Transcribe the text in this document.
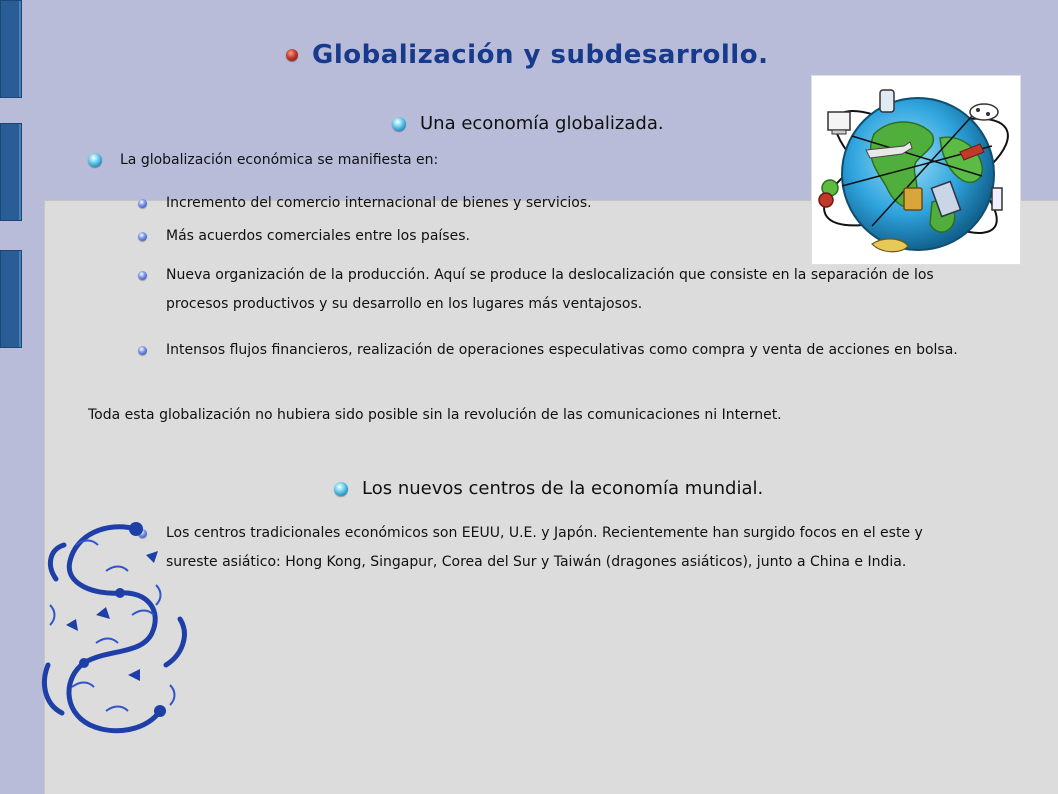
Globalización y subdesarrollo.
Una economía globalizada.
La globalización económica se manifiesta en:
Incremento del comercio internacional de bienes y servicios.
Más acuerdos comerciales entre los países.
Nueva organización de la producción. Aquí se produce la deslocalización que consiste en la separación de los procesos productivos y su desarrollo en los lugares más ventajosos.
Intensos flujos financieros, realización de operaciones especulativas como compra y venta de acciones en bolsa.
Toda esta globalización no hubiera sido posible sin la revolución de las comunicaciones ni Internet.
Los nuevos centros de la economía mundial.
Los centros tradicionales económicos son EEUU, U.E. y Japón. Recientemente han surgido focos en el este y sureste asiático: Hong Kong, Singapur, Corea del Sur y Taiwán (dragones asiáticos), junto a China e India.
